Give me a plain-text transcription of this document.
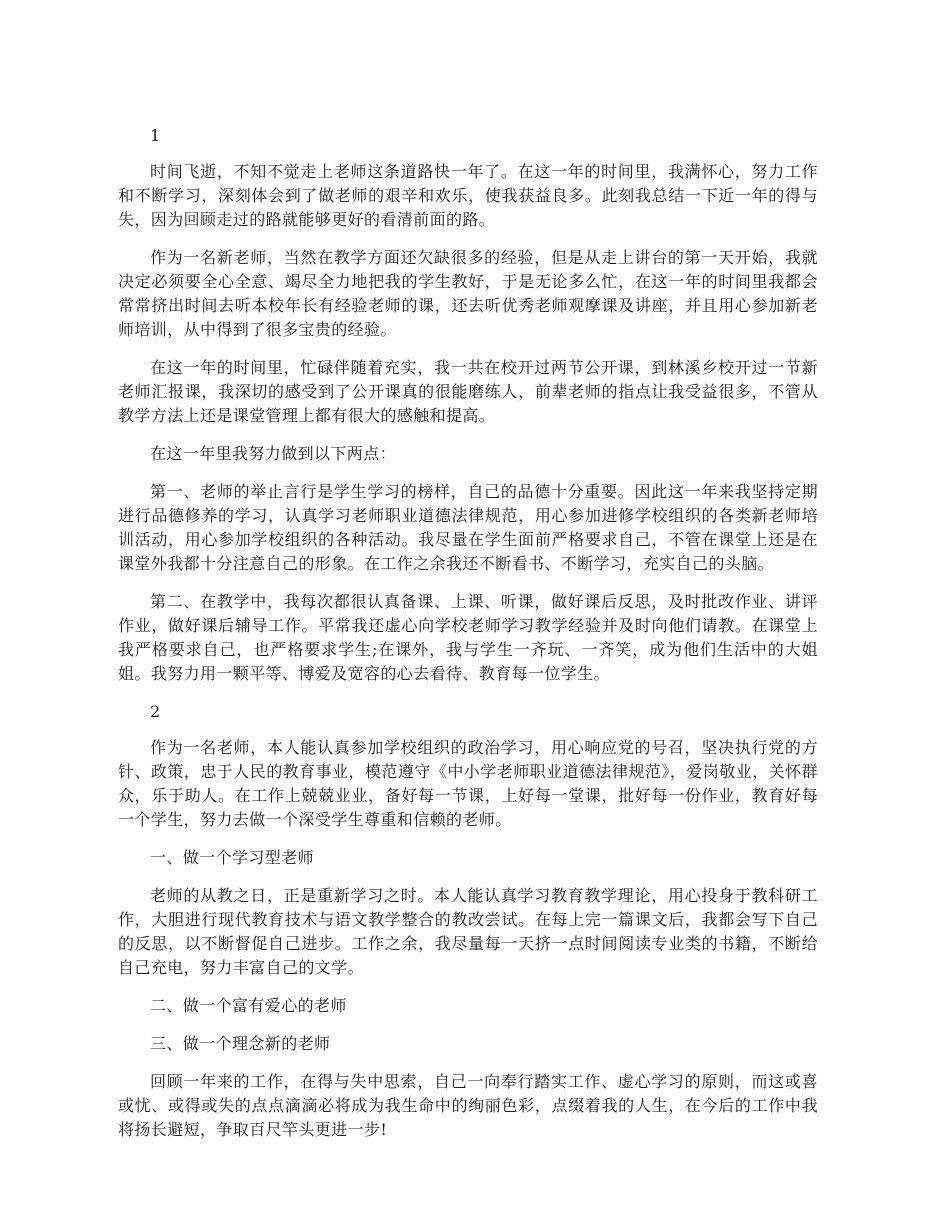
1

时间飞逝，不知不觉走上老师这条道路快一年了。在这一年的时间里，我满怀心，努力工作和不断学习，深刻体会到了做老师的艰辛和欢乐，使我获益良多。此刻我总结一下近一年的得与失，因为回顾走过的路就能够更好的看清前面的路。

作为一名新老师，当然在教学方面还欠缺很多的经验，但是从走上讲台的第一天开始，我就决定必须要全心全意、竭尽全力地把我的学生教好，于是无论多么忙，在这一年的时间里我都会常常挤出时间去听本校年长有经验老师的课，还去听优秀老师观摩课及讲座，并且用心参加新老师培训，从中得到了很多宝贵的经验。

在这一年的时间里，忙碌伴随着充实，我一共在校开过两节公开课，到林溪乡校开过一节新老师汇报课，我深切的感受到了公开课真的很能磨练人，前辈老师的指点让我受益很多，不管从教学方法上还是课堂管理上都有很大的感触和提高。

在这一年里我努力做到以下两点：

第一、老师的举止言行是学生学习的榜样，自己的品德十分重要。因此这一年来我坚持定期进行品德修养的学习，认真学习老师职业道德法律规范，用心参加进修学校组织的各类新老师培训活动，用心参加学校组织的各种活动。我尽量在学生面前严格要求自己，不管在课堂上还是在课堂外我都十分注意自己的形象。在工作之余我还不断看书、不断学习，充实自己的头脑。

第二、在教学中，我每次都很认真备课、上课、听课，做好课后反思，及时批改作业、讲评作业，做好课后辅导工作。平常我还虚心向学校老师学习教学经验并及时向他们请教。在课堂上我严格要求自己，也严格要求学生;在课外，我与学生一齐玩、一齐笑，成为他们生活中的大姐姐。我努力用一颗平等、博爱及宽容的心去看待、教育每一位学生。

2

作为一名老师，本人能认真参加学校组织的政治学习，用心响应党的号召，坚决执行党的方针、政策，忠于人民的教育事业，模范遵守《中小学老师职业道德法律规范》，爱岗敬业，关怀群众，乐于助人。在工作上兢兢业业，备好每一节课，上好每一堂课，批好每一份作业，教育好每一个学生，努力去做一个深受学生尊重和信赖的老师。

一、做一个学习型老师

老师的从教之日，正是重新学习之时。本人能认真学习教育教学理论，用心投身于教科研工作，大胆进行现代教育技术与语文教学整合的教改尝试。在每上完一篇课文后，我都会写下自己的反思，以不断督促自己进步。工作之余，我尽量每一天挤一点时间阅读专业类的书籍，不断给自己充电，努力丰富自己的文学。

二、做一个富有爱心的老师

三、做一个理念新的老师

回顾一年来的工作，在得与失中思索，自己一向奉行踏实工作、虚心学习的原则，而这或喜或忧、或得或失的点点滴滴必将成为我生命中的绚丽色彩，点缀着我的人生，在今后的工作中我将扬长避短，争取百尺竿头更进一步!
